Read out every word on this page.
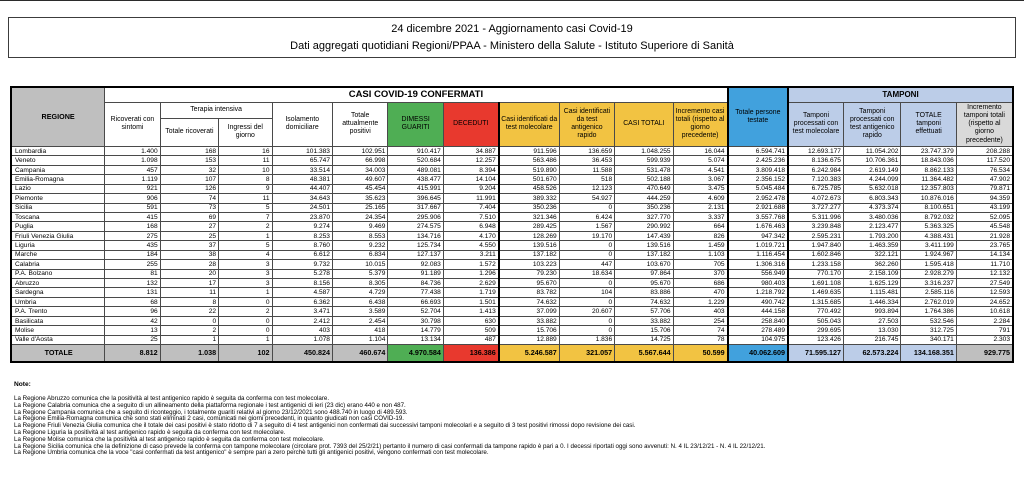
24 dicembre 2021 - Aggiornamento casi Covid-19
Dati aggregati quotidiani Regioni/PPAA - Ministero della Salute - Istituto Superiore di Sanità
REGIONE	CASI COVID-19 CONFERMATI											Totale persone testate	TAMPONI			
	Ricoverati con sintomi	Terapia intensiva		Isolamento domiciliare	Totale attualmente positivi	DIMESSI GUARITI	DECEDUTI	Casi identificati da test molecolare	Casi identificati da test antigenico rapido	CASI TOTALI	Incremento casi totali (rispetto al giorno precedente)		Tamponi processati con test molecolare	Tamponi processati con test antigenico rapido	TOTALE tamponi effettuati	Incremento tamponi totali (rispetto al giorno precedente)
		Totale ricoverati	Ingressi del giorno													
Lombardia	1.400	168	16	101.383	102.951	910.417	34.887	911.596	136.659	1.048.255	16.044	6.594.741	12.693.177	11.054.202	23.747.379	208.288
Veneto	1.098	153	11	65.747	66.998	520.684	12.257	563.486	36.453	599.939	5.074	2.425.236	8.136.675	10.706.361	18.843.036	117.520
Campania	457	32	10	33.514	34.003	489.081	8.394	519.890	11.588	531.478	4.541	3.809.418	6.242.984	2.619.149	8.862.133	76.534
Emilia-Romagna	1.119	107	8	48.381	49.607	438.477	14.104	501.670	518	502.188	3.067	2.356.152	7.120.383	4.244.099	11.364.482	47.902
Lazio	921	126	9	44.407	45.454	415.991	9.204	458.526	12.123	470.649	3.475	5.045.484	6.725.785	5.632.018	12.357.803	79.871
Piemonte	906	74	11	34.643	35.623	396.645	11.991	389.332	54.927	444.259	4.609	2.952.478	4.072.673	6.803.343	10.876.016	94.359
Sicilia	591	73	5	24.501	25.165	317.667	7.404	350.236	0	350.236	2.131	2.921.688	3.727.277	4.373.374	8.100.651	43.199
Toscana	415	69	7	23.870	24.354	295.906	7.510	321.346	6.424	327.770	3.337	3.557.768	5.311.996	3.480.036	8.792.032	52.095
Puglia	168	27	2	9.274	9.469	274.575	6.948	289.425	1.567	290.992	664	1.676.463	3.239.848	2.123.477	5.363.325	45.548
Friuli Venezia Giulia	275	25	1	8.253	8.553	134.716	4.170	128.269	19.170	147.439	826	947.342	2.595.231	1.793.200	4.388.431	21.928
Liguria	435	37	5	8.760	9.232	125.734	4.550	139.516	0	139.516	1.459	1.019.721	1.947.840	1.463.359	3.411.199	23.765
Marche	184	38	4	6.612	6.834	127.137	3.211	137.182	0	137.182	1.103	1.116.454	1.602.846	322.121	1.924.967	14.134
Calabria	255	28	3	9.732	10.015	92.083	1.572	103.223	447	103.670	705	1.306.316	1.233.158	362.260	1.595.418	11.710
P.A. Bolzano	81	20	3	5.278	5.379	91.189	1.296	79.230	18.634	97.864	370	556.949	770.170	2.158.109	2.928.279	12.132
Abruzzo	132	17	3	8.156	8.305	84.736	2.629	95.670	0	95.670	686	980.403	1.691.108	1.625.129	3.316.237	27.549
Sardegna	131	11	1	4.587	4.729	77.438	1.719	83.782	104	83.886	470	1.218.792	1.469.635	1.115.481	2.585.116	12.593
Umbria	68	8	0	6.362	6.438	66.693	1.501	74.632	0	74.632	1.229	490.742	1.315.685	1.446.334	2.762.019	24.652
P.A. Trento	96	22	2	3.471	3.589	52.704	1.413	37.099	20.607	57.706	403	444.158	770.492	993.894	1.764.386	10.618
Basilicata	42	0	0	2.412	2.454	30.798	630	33.882	0	33.882	254	258.840	505.043	27.503	532.546	2.284
Molise	13	2	0	403	418	14.779	509	15.706	0	15.706	74	278.489	299.695	13.030	312.725	791
Valle d'Aosta	25	1	1	1.078	1.104	13.134	487	12.889	1.836	14.725	78	104.975	123.426	216.745	340.171	2.303
TOTALE	8.812	1.038	102	450.824	460.674	4.970.584	136.386	5.246.587	321.057	5.567.644	50.599	40.062.609	71.595.127	62.573.224	134.168.351	929.775
Note:
La Regione Abruzzo comunica che la positività al test antigenico rapido è seguita da conferma con test molecolare.
La Regione Calabria comunica che a seguito di un allineamento della piattaforma regionale i test antigenici di ieri (23 dic) erano 440 e non 487.
La Regione Campania comunica che a seguito di riconteggio, i totalmente guariti relativi al giorno 23/12/2021 sono 488.740 in luogo di 489.593.
La Regione Emilia-Romagna comunica che sono stati eliminati 2 casi, comunicati nei giorni precedenti, in quanto giudicati non casi COVID-19.
La Regione Friuli Venezia Giulia comunica che il totale dei casi positivi è stato ridotto di 7 a seguito di 4 test antigenici non confermati dai successivi tamponi molecolari e a seguito di 3 test positivi rimossi dopo revisione dei casi.
La Regione Liguria la positività al test antigenico rapido è seguita da conferma con test molecolare.
La Regione Molise comunica che la positività al test antigenico rapido è seguita da conferma con test molecolare.
La Regione Sicilia comunica che la definizione di caso prevede la conferma con tampone molecolare (circolare prot. 7393 del 25/2/21) pertanto il numero di casi confermati da tampone rapido è pari a 0. I decessi riportati oggi sono avvenuti: N. 4 IL 23/12/21 - N. 4 IL 22/12/21.
La Regione Umbria comunica che la voce "casi confermati da test antigenico" è sempre pari a zero perchè tutti gli antigenici positivi, vengono confermati con test molecolare.
